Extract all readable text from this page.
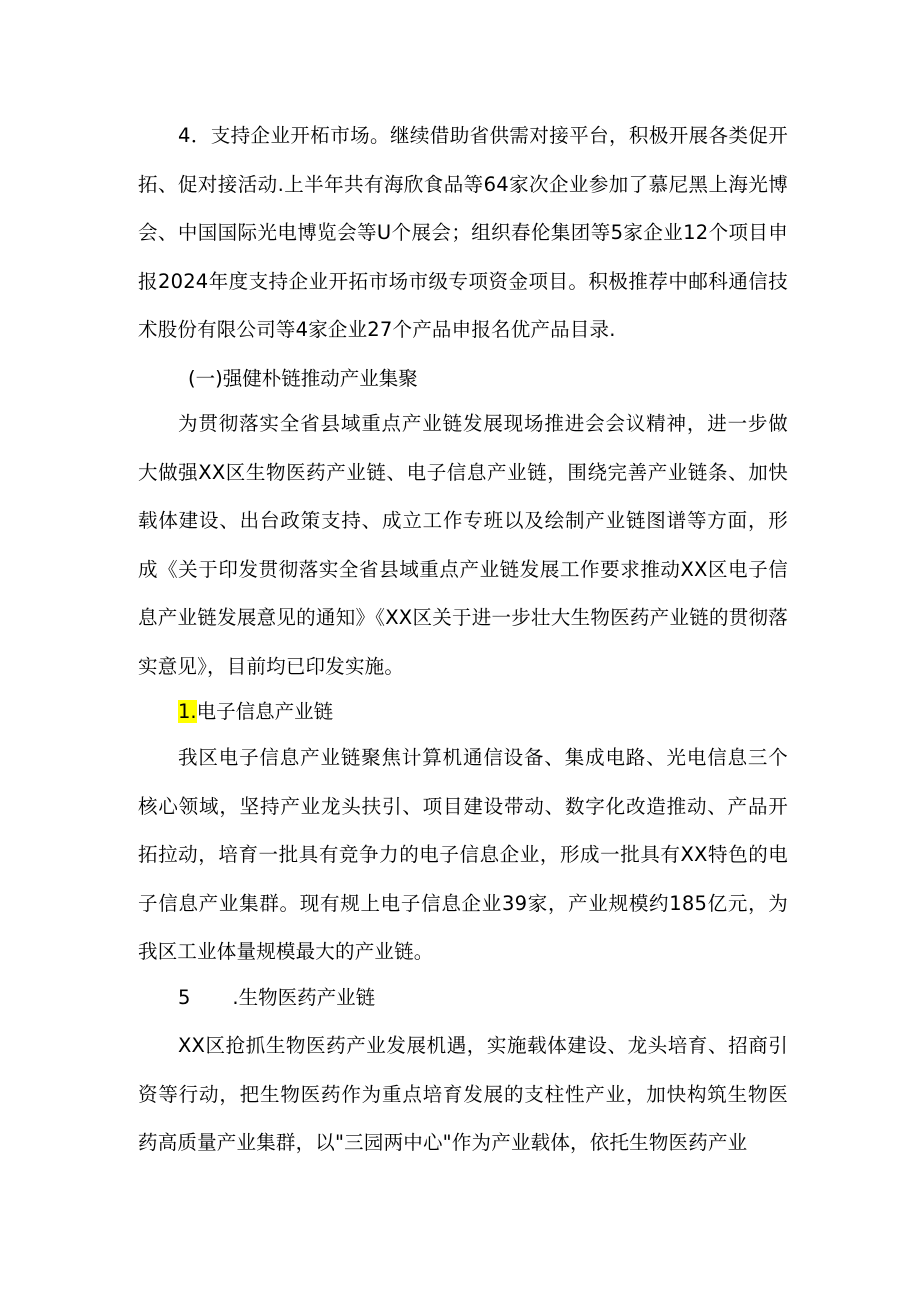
4．支持企业开柘市场。继续借助省供需对接平台，积极开展各类促开拓、促对接活动.上半年共有海欣食品等64家次企业参加了慕尼黑上海光博会、中国国际光电博览会等U个展会；组织春伦集团等5家企业12个项目申报2024年度支持企业开拓市场市级专项资金项目。积极推荐中邮科通信技术股份有限公司等4家企业27个产品申报名优产品目录.

(一)强健朴链推动产业集聚

为贯彻落实全省县域重点产业链发展现场推进会会议精神，进一步做大做强XX区生物医药产业链、电子信息产业链，围绕完善产业链条、加快载体建设、出台政策支持、成立工作专班以及绘制产业链图谱等方面，形成《关于印发贯彻落实全省县域重点产业链发展工作要求推动XX区电子信息产业链发展意见的通知》《XX区关于进一步壮大生物医药产业链的贯彻落实意见》，目前均已印发实施。

1.电子信息产业链

我区电子信息产业链聚焦计算机通信设备、集成电路、光电信息三个核心领域，坚持产业龙头扶引、项目建设带动、数字化改造推动、产品开拓拉动，培育一批具有竞争力的电子信息企业，形成一批具有XX特色的电子信息产业集群。现有规上电子信息企业39家，产业规模约185亿元，为我区工业体量规模最大的产业链。

5 .生物医药产业链

XX区抢抓生物医药产业发展机遇，实施载体建设、龙头培育、招商引资等行动，把生物医药作为重点培育发展的支柱性产业，加快构筑生物医药高质量产业集群，以"三园两中心"作为产业载体，依托生物医药产业
